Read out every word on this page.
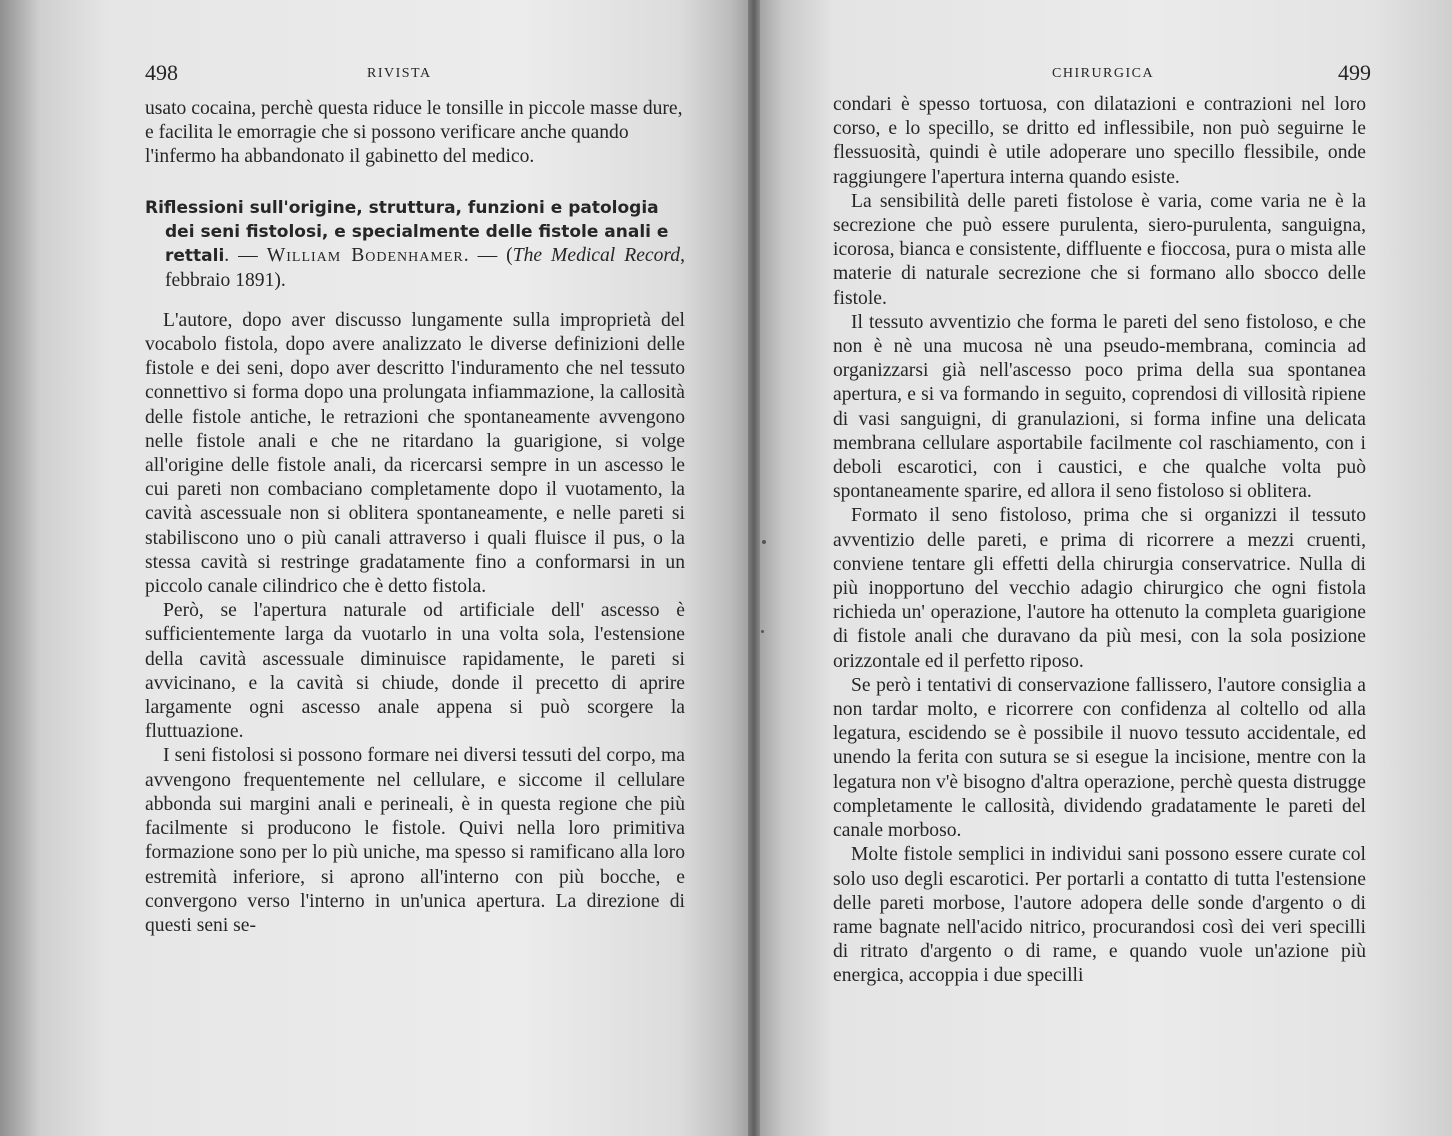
498	RIVISTA

usato cocaina, perchè questa riduce le tonsille in piccole masse dure, e facilita le emorragie che si possono verificare anche quando l'infermo ha abbandonato il gabinetto del medico.

Riflessioni sull'origine, struttura, funzioni e patologia
dei seni fistolosi, e specialmente delle fistole anali e

rettali. — William Bodenhamer. — (The Medical Record, febbraio 1891).

L'autore, dopo aver discusso lungamente sulla improprietà del vocabolo fistola, dopo avere analizzato le diverse definizioni delle fistole e dei seni, dopo aver descritto l'induramento che nel tessuto connettivo si forma dopo una prolungata infiammazione, la callosità delle fistole antiche, le retrazioni che spontaneamente avvengono nelle fistole anali e che ne ritardano la guarigione, si volge all'origine delle fistole anali, da ricercarsi sempre in un ascesso le cui pareti non combaciano completamente dopo il vuotamento, la cavità ascessuale non si oblitera spontaneamente, e nelle pareti si stabiliscono uno o più canali attraverso i quali fluisce il pus, o la stessa cavità si restringe gradatamente fino a conformarsi in un piccolo canale cilindrico che è detto fistola.

Però, se l'apertura naturale od artificiale dell' ascesso è sufficientemente larga da vuotarlo in una volta sola, l'estensione della cavità ascessuale diminuisce rapidamente, le pareti si avvicinano, e la cavità si chiude, donde il precetto di aprire largamente ogni ascesso anale appena si può scorgere la fluttuazione.

I seni fistolosi si possono formare nei diversi tessuti del corpo, ma avvengono frequentemente nel cellulare, e siccome il cellulare abbonda sui margini anali e perineali, è in questa regione che più facilmente si producono le fistole. Quivi nella loro primitiva formazione sono per lo più uniche, ma spesso si ramificano alla loro estremità inferiore, si aprono all'interno con più bocche, e convergono verso l'interno in un'unica apertura. La direzione di questi seni se-

CHIRURGICA	499

condari è spesso tortuosa, con dilatazioni e contrazioni nel loro corso, e lo specillo, se dritto ed inflessibile, non può seguirne le flessuosità, quindi è utile adoperare uno specillo flessibile, onde raggiungere l'apertura interna quando esiste.

La sensibilità delle pareti fistolose è varia, come varia ne è la secrezione che può essere purulenta, siero-purulenta, sanguigna, icorosa, bianca e consistente, diffluente e fioccosa, pura o mista alle materie di naturale secrezione che si formano allo sbocco delle fistole.

Il tessuto avventizio che forma le pareti del seno fistoloso, e che non è nè una mucosa nè una pseudo-membrana, comincia ad organizzarsi già nell'ascesso poco prima della sua spontanea apertura, e si va formando in seguito, coprendosi di villosità ripiene di vasi sanguigni, di granulazioni, si forma infine una delicata membrana cellulare asportabile facilmente col raschiamento, con i deboli escarotici, con i caustici, e che qualche volta può spontaneamente sparire, ed allora il seno fistoloso si oblitera.

Formato il seno fistoloso, prima che si organizzi il tessuto avventizio delle pareti, e prima di ricorrere a mezzi cruenti, conviene tentare gli effetti della chirurgia conservatrice. Nulla di più inopportuno del vecchio adagio chirurgico che ogni fistola richieda un' operazione, l'autore ha ottenuto la completa guarigione di fistole anali che duravano da più mesi, con la sola posizione orizzontale ed il perfetto riposo.

Se però i tentativi di conservazione fallissero, l'autore consiglia a non tardar molto, e ricorrere con confidenza al coltello od alla legatura, escidendo se è possibile il nuovo tessuto accidentale, ed unendo la ferita con sutura se si esegue la incisione, mentre con la legatura non v'è bisogno d'altra operazione, perchè questa distrugge completamente le callosità, dividendo gradatamente le pareti del canale morboso.

Molte fistole semplici in individui sani possono essere curate col solo uso degli escarotici. Per portarli a contatto di tutta l'estensione delle pareti morbose, l'autore adopera delle sonde d'argento o di rame bagnate nell'acido nitrico, procurandosi così dei veri specilli di ritrato d'argento o di rame, e quando vuole un'azione più energica, accoppia i due specilli
